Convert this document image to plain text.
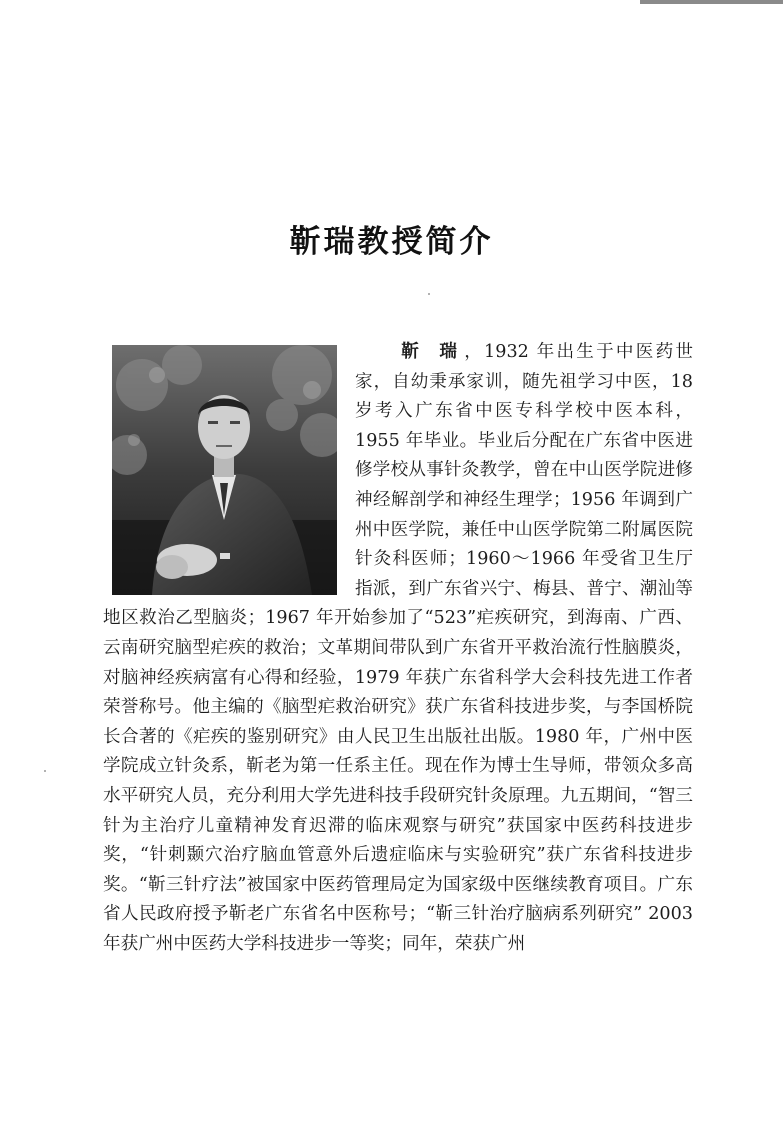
靳瑞教授简介

靳 瑞，1932 年出生于中医药世家，自幼秉承家训，随先祖学习中医，18 岁考入广东省中医专科学校中医本科，1955 年毕业。毕业后分配在广东省中医进修学校从事针灸教学，曾在中山医学院进修神经解剖学和神经生理学；1956 年调到广州中医学院，兼任中山医学院第二附属医院针灸科医师；1960～1966 年受省卫生厅指派，到广东省兴宁、梅县、普宁、潮汕等地区救治乙型脑炎；1967 年开始参加了“523”疟疾研究，到海南、广西、云南研究脑型疟疾的救治；文革期间带队到广东省开平救治流行性脑膜炎，对脑神经疾病富有心得和经验，1979 年获广东省科学大会科技先进工作者荣誉称号。他主编的《脑型疟救治研究》获广东省科技进步奖，与李国桥院长合著的《疟疾的鉴别研究》由人民卫生出版社出版。1980 年，广州中医学院成立针灸系，靳老为第一任系主任。现在作为博士生导师，带领众多高水平研究人员，充分利用大学先进科技手段研究针灸原理。九五期间，“智三针为主治疗儿童精神发育迟滞的临床观察与研究”获国家中医药科技进步奖，“针刺颞穴治疗脑血管意外后遗症临床与实验研究”获广东省科技进步奖。“靳三针疗法”被国家中医药管理局定为国家级中医继续教育项目。广东省人民政府授予靳老广东省名中医称号；“靳三针治疗脑病系列研究” 2003 年获广州中医药大学科技进步一等奖；同年，荣获广州
